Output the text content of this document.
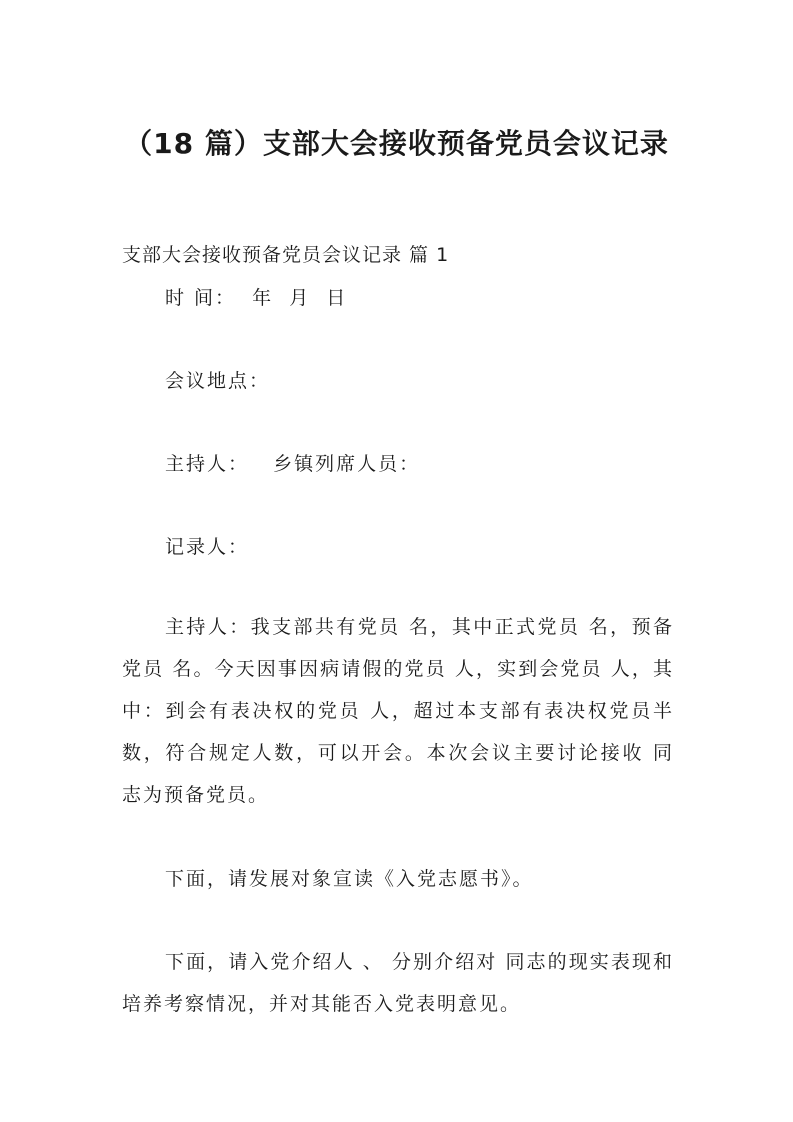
（18 篇）支部大会接收预备党员会议记录
支部大会接收预备党员会议记录 篇 1
时 间：  年  月  日
会议地点：
主持人：   乡镇列席人员：
记录人：
主持人：我支部共有党员 名，其中正式党员 名，预备党员 名。今天因事因病请假的党员 人，实到会党员 人，其中：到会有表决权的党员 人，超过本支部有表决权党员半数，符合规定人数，可以开会。本次会议主要讨论接收 同志为预备党员。
下面，请发展对象宣读《入党志愿书》。
下面，请入党介绍人 、 分别介绍对 同志的现实表现和培养考察情况，并对其能否入党表明意见。
